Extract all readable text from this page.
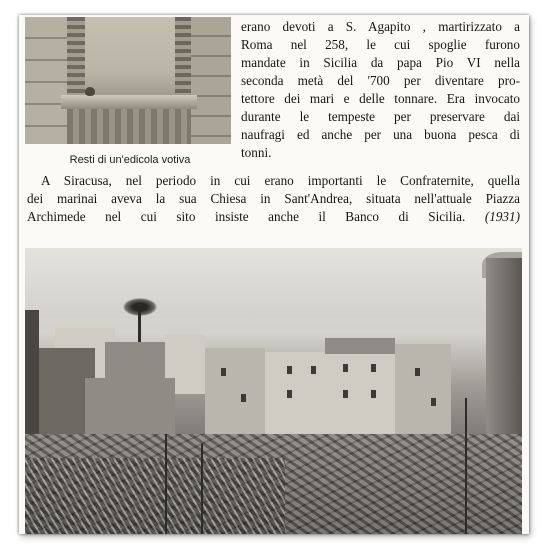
Resti di un'edicola votiva
erano devoti a S. Agapito , martirizzato a
Roma nel 258, le cui spoglie furono
mandate in Sicilia da papa Pio VI nella
seconda metà del '700 per diventare pro-
tettore dei mari e delle tonnare. Era invocato
durante le tempeste per preservare dai
naufragi ed anche per una buona pesca di
tonni.
A Siracusa, nel periodo in cui erano importanti le Confraternite, quella
dei marinai aveva la sua Chiesa in Sant'Andrea, situata nell'attuale Piazza
Archimede nel cui sito insiste anche il Banco di Sicilia. (1931)
